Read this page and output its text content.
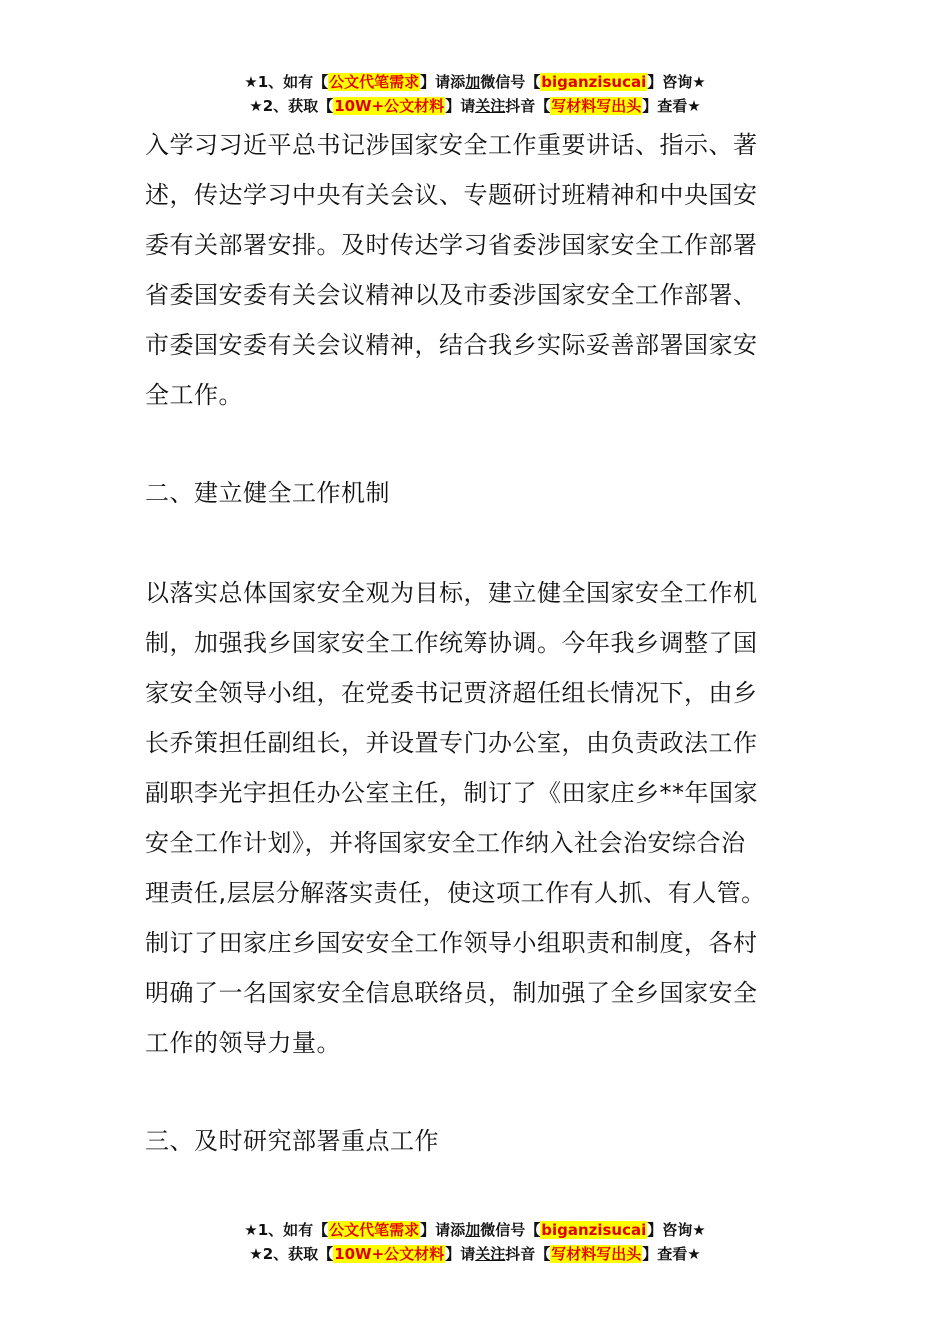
★1、如有【公文代笔需求】请添加微信号【biganzisucai】咨询★
★2、获取【10W+公文材料】请关注抖音【写材料写出头】查看★
入学习习近平总书记涉国家安全工作重要讲话、指示、著
述，传达学习中央有关会议、专题研讨班精神和中央国安
委有关部署安排。及时传达学习省委涉国家安全工作部署
省委国安委有关会议精神以及市委涉国家安全工作部署、
市委国安委有关会议精神，结合我乡实际妥善部署国家安
全工作。
二、建立健全工作机制
以落实总体国家安全观为目标，建立健全国家安全工作机
制，加强我乡国家安全工作统筹协调。今年我乡调整了国
家安全领导小组，在党委书记贾济超任组长情况下，由乡
长乔策担任副组长，并设置专门办公室，由负责政法工作
副职李光宇担任办公室主任，制订了《田家庄乡**年国家
安全工作计划》，并将国家安全工作纳入社会治安综合治
理责任,层层分解落实责任，使这项工作有人抓、有人管。
制订了田家庄乡国安安全工作领导小组职责和制度，各村
明确了一名国家安全信息联络员，制加强了全乡国家安全
工作的领导力量。
三、及时研究部署重点工作
★1、如有【公文代笔需求】请添加微信号【biganzisucai】咨询★
★2、获取【10W+公文材料】请关注抖音【写材料写出头】查看★
